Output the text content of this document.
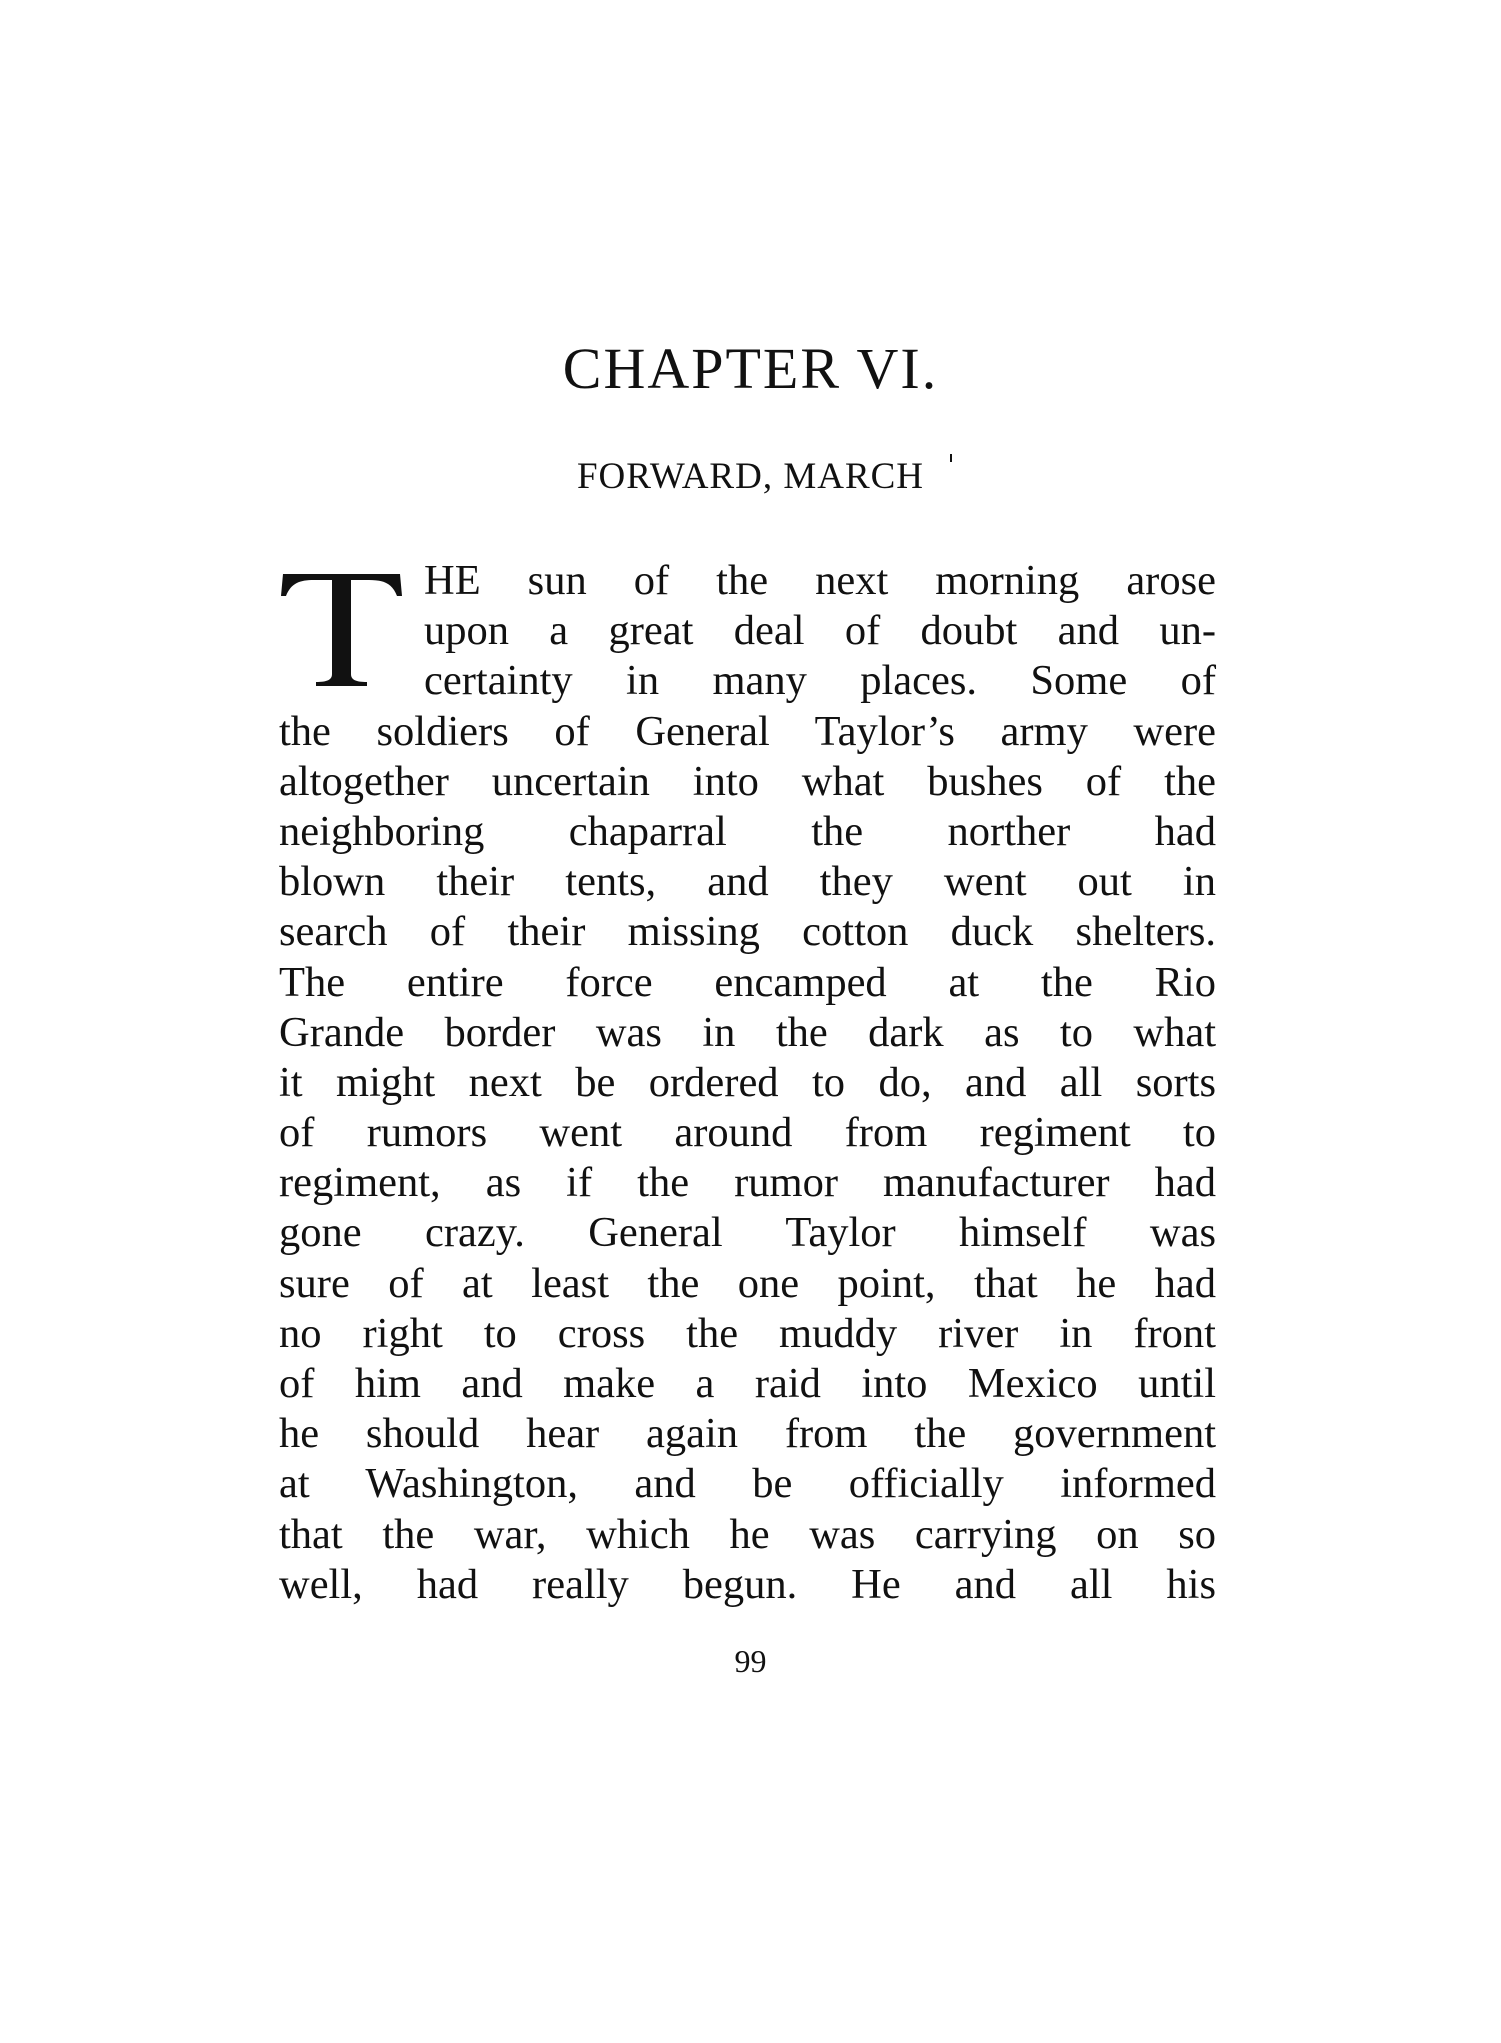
CHAPTER VI.
FORWARD, MARCH
HE sun of the next morning arose
upon a great deal of doubt and un-
certainty in many places. Some of
the soldiers of General Taylor’s army were
altogether uncertain into what bushes of the
neighboring chaparral the norther had
blown their tents, and they went out in
search of their missing cotton duck shelters.
The entire force encamped at the Rio
Grande border was in the dark as to what
it might next be ordered to do, and all sorts
of rumors went around from regiment to
regiment, as if the rumor manufacturer had
gone crazy. General Taylor himself was
sure of at least the one point, that he had
no right to cross the muddy river in front
of him and make a raid into Mexico until
he should hear again from the government
at Washington, and be officially informed
that the war, which he was carrying on so
well, had really begun. He and all his

99
